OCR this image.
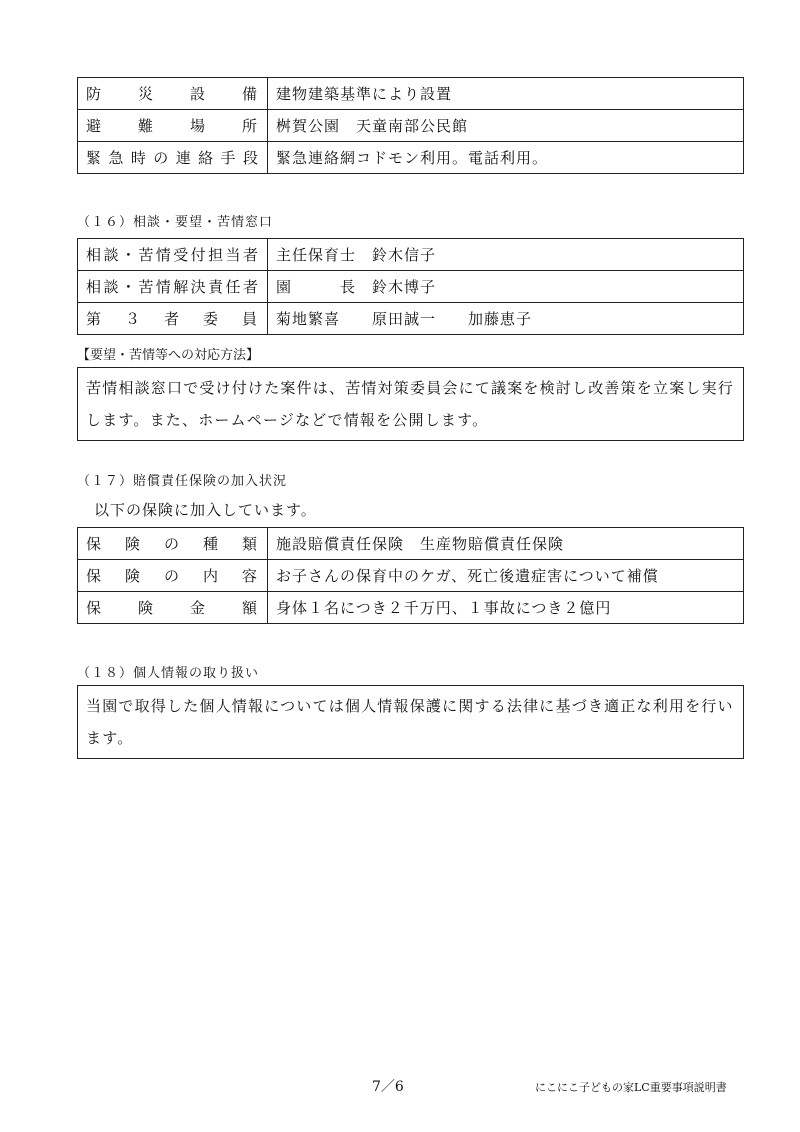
防災設備	建物建築基準により設置
避難場所	桝賀公園　天童南部公民館
緊急時の連絡手段	緊急連絡網コドモン利用。電話利用。
（１６）相談・要望・苦情窓口
相談・苦情受付担当者	主任保育士　鈴木信子
相談・苦情解決責任者	園　　　長　鈴木博子
第３者委員	菊地繁喜　　原田誠一　　加藤恵子
【要望・苦情等への対応方法】
苦情相談窓口で受け付けた案件は、苦情対策委員会にて議案を検討し改善策を立案し実行します。また、ホームページなどで情報を公開します。
（１７）賠償責任保険の加入状況
以下の保険に加入しています。
保険の種類	施設賠償責任保険　生産物賠償責任保険
保険の内容	お子さんの保育中のケガ、死亡後遺症害について補償
保険金額	身体１名につき２千万円、１事故につき２億円
（１８）個人情報の取り扱い
当園で取得した個人情報については個人情報保護に関する法律に基づき適正な利用を行います。
7／6	にこにこ子どもの家LC重要事項説明書
